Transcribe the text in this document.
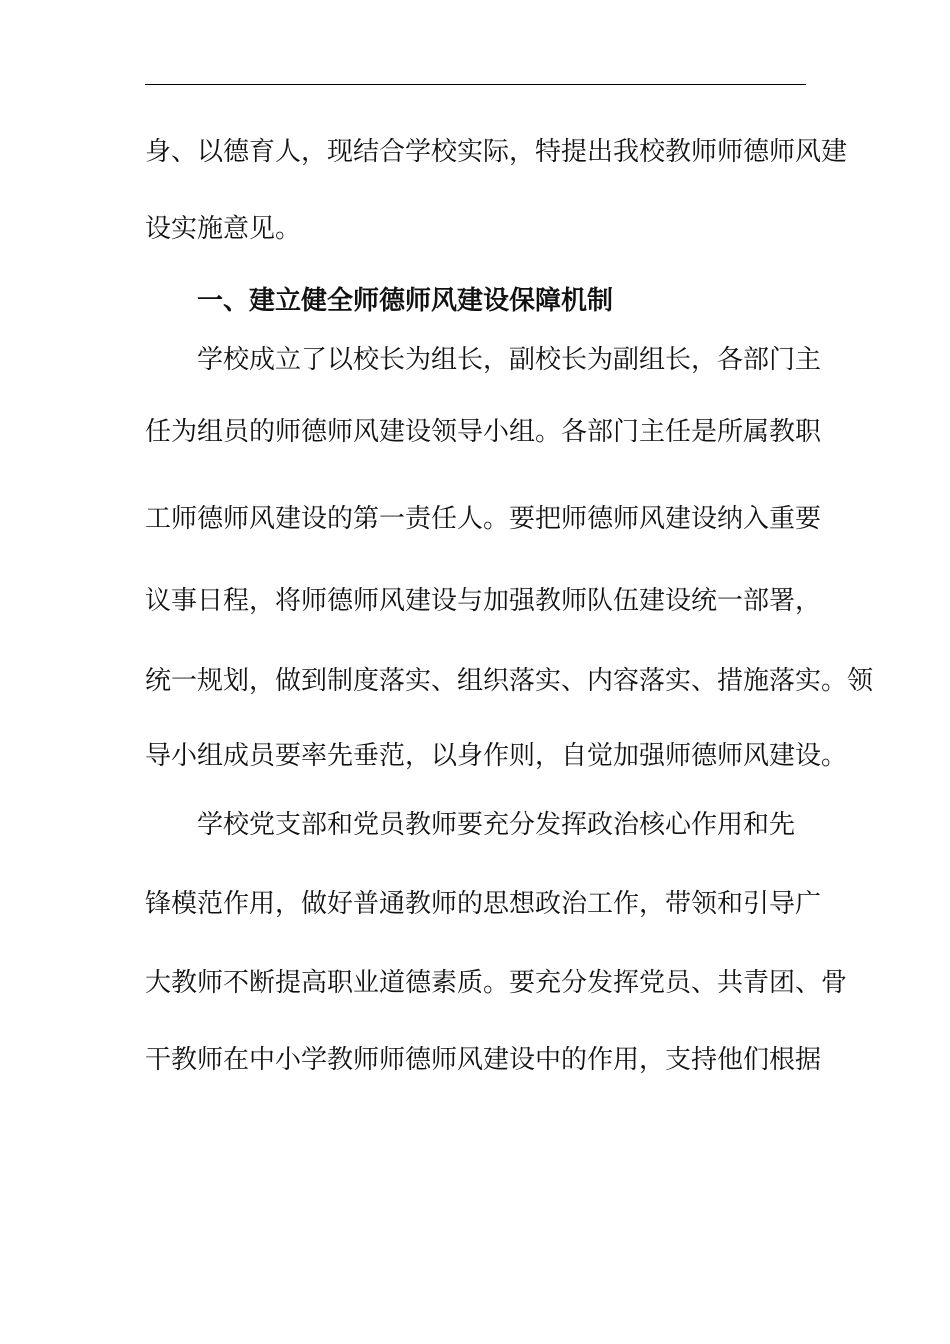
身、以德育人，现结合学校实际，特提出我校教师师德师风建
设实施意见。
一、建立健全师德师风建设保障机制
学校成立了以校长为组长，副校长为副组长，各部门主
任为组员的师德师风建设领导小组。各部门主任是所属教职
工师德师风建设的第一责任人。要把师德师风建设纳入重要
议事日程，将师德师风建设与加强教师队伍建设统一部署，
统一规划，做到制度落实、组织落实、内容落实、措施落实。领
导小组成员要率先垂范，以身作则，自觉加强师德师风建设。
学校党支部和党员教师要充分发挥政治核心作用和先
锋模范作用，做好普通教师的思想政治工作，带领和引导广
大教师不断提高职业道德素质。要充分发挥党员、共青团、骨
干教师在中小学教师师德师风建设中的作用，支持他们根据
